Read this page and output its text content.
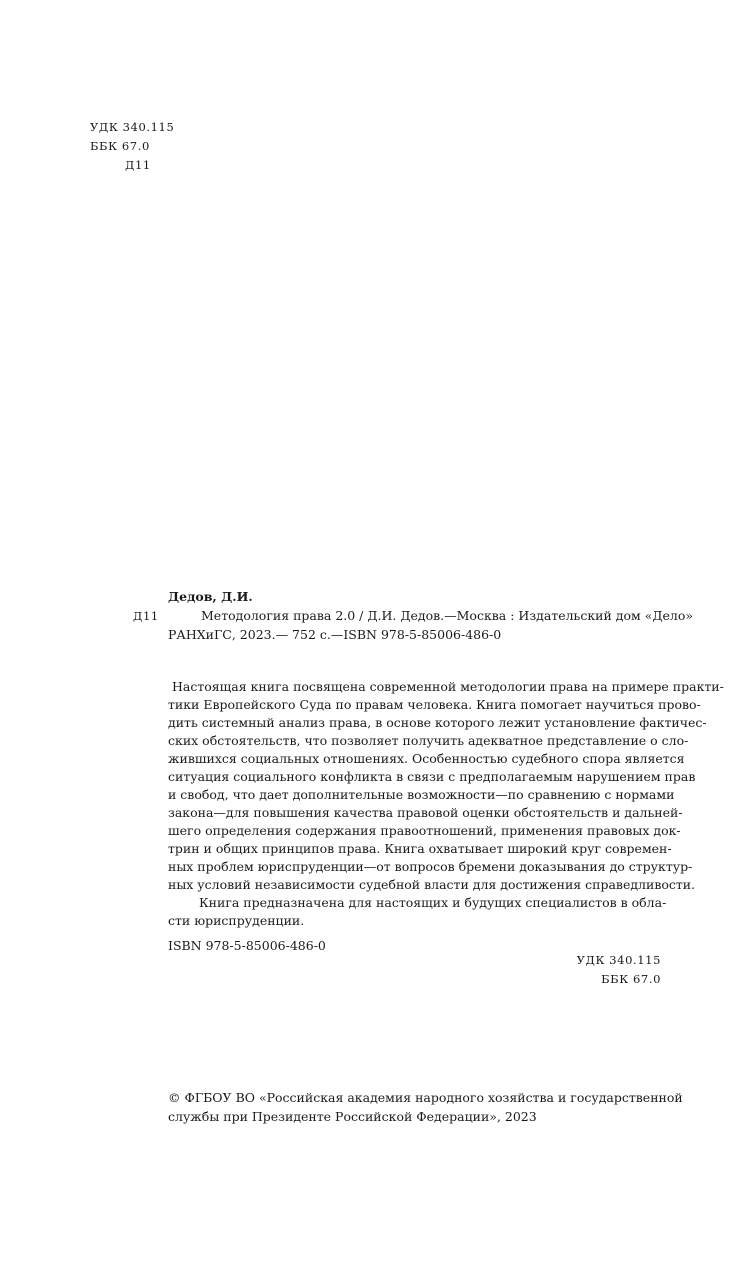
УДК 340.115
ББК 67.0
Д11
Дедов, Д.И.
Д11	Методология права 2.0 / Д.И. Дедов.—Москва : Издательский дом «Дело»
РАНХиГС, 2023.— 752 с.—ISBN 978-5-85006-486-0
Настоящая книга посвящена современной методологии права на примере практи-
тики Европейского Суда по правам человека. Книга помогает научиться прово-
дить системный анализ права, в основе которого лежит установление фактичес-
ских обстоятельств, что позволяет получить адекватное представление о сло-
жившихся социальных отношениях. Особенностью судебного спора является
ситуация социального конфликта в связи с предполагаемым нарушением прав
и свобод, что дает дополнительные возможности—по сравнению с нормами
закона—для повышения качества правовой оценки обстоятельств и дальней-
шего определения содержания правоотношений, применения правовых док-
трин и общих принципов права. Книга охватывает широкий круг современ-
ных проблем юриспруденции—от вопросов бремени доказывания до структур-
ных условий независимости судебной власти для достижения справедливости.
Книга предназначена для настоящих и будущих специалистов в обла-
сти юриспруденции.
ISBN 978-5-85006-486-0
УДК 340.115
ББК 67.0
© ФГБОУ ВО «Российская академия народного хозяйства и государственной
службы при Президенте Российской Федерации», 2023
